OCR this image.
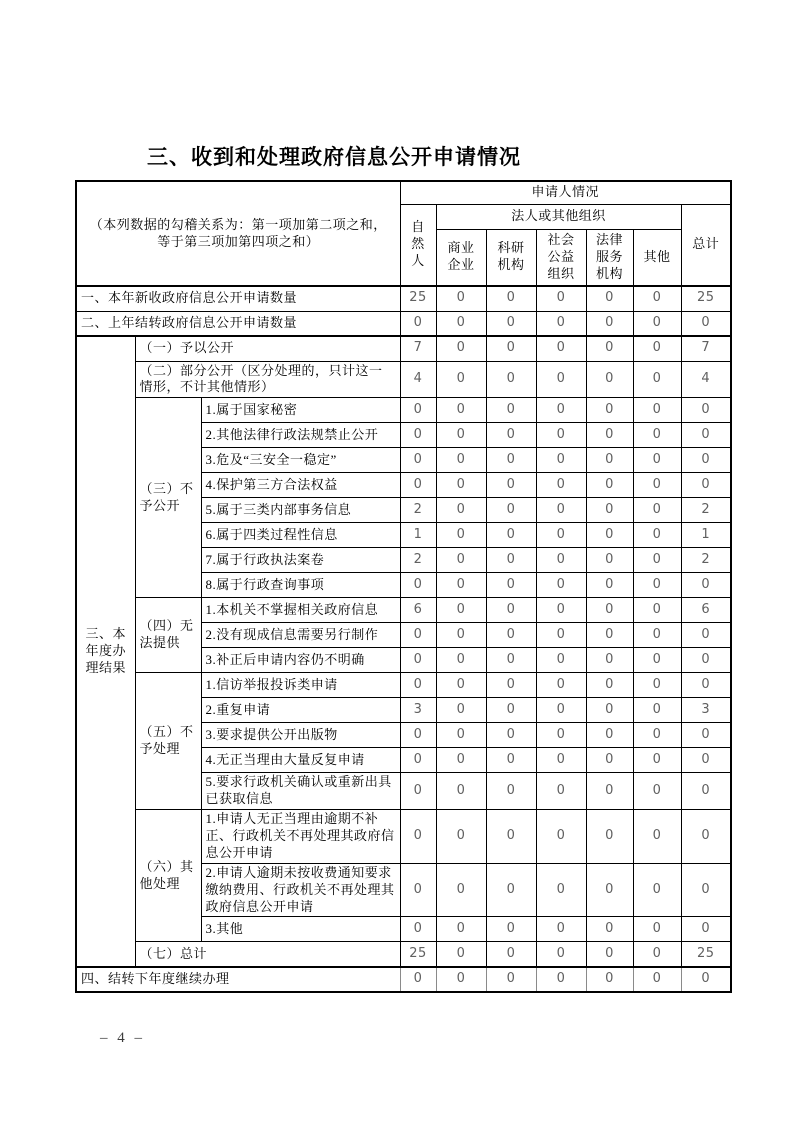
三、收到和处理政府信息公开申请情况
（本列数据的勾稽关系为：第一项加第二项之和，
等于第三项加第四项之和）			申请人情况						
			自然人	法人或其他组织					总计
				商业企业	科研机构	社会公益组织	法律服务机构	其他	
一、本年新收政府信息公开申请数量			25	0	0	0	0	0	25
二、上年结转政府信息公开申请数量			0	0	0	0	0	0	0
三、本年度办理结果	（一）予以公开		7	0	0	0	0	0	7
	（二）部分公开（区分处理的，只计这一情形，不计其他情形）		4	0	0	0	0	0	4
	（三）不予公开	1.属于国家秘密	0	0	0	0	0	0	0
		2.其他法律行政法规禁止公开	0	0	0	0	0	0	0
		3.危及“三安全一稳定”	0	0	0	0	0	0	0
		4.保护第三方合法权益	0	0	0	0	0	0	0
		5.属于三类内部事务信息	2	0	0	0	0	0	2
		6.属于四类过程性信息	1	0	0	0	0	0	1
		7.属于行政执法案卷	2	0	0	0	0	0	2
		8.属于行政查询事项	0	0	0	0	0	0	0
	（四）无法提供	1.本机关不掌握相关政府信息	6	0	0	0	0	0	6
		2.没有现成信息需要另行制作	0	0	0	0	0	0	0
		3.补正后申请内容仍不明确	0	0	0	0	0	0	0
	（五）不予处理	1.信访举报投诉类申请	0	0	0	0	0	0	0
		2.重复申请	3	0	0	0	0	0	3
		3.要求提供公开出版物	0	0	0	0	0	0	0
		4.无正当理由大量反复申请	0	0	0	0	0	0	0
		5.要求行政机关确认或重新出具已获取信息	0	0	0	0	0	0	0
	（六）其他处理	1.申请人无正当理由逾期不补正、行政机关不再处理其政府信息公开申请	0	0	0	0	0	0	0
		2.申请人逾期未按收费通知要求缴纳费用、行政机关不再处理其政府信息公开申请	0	0	0	0	0	0	0
		3.其他	0	0	0	0	0	0	0
	（七）总计		25	0	0	0	0	0	25
四、结转下年度继续办理			0	0	0	0	0	0	0
– 4 –
